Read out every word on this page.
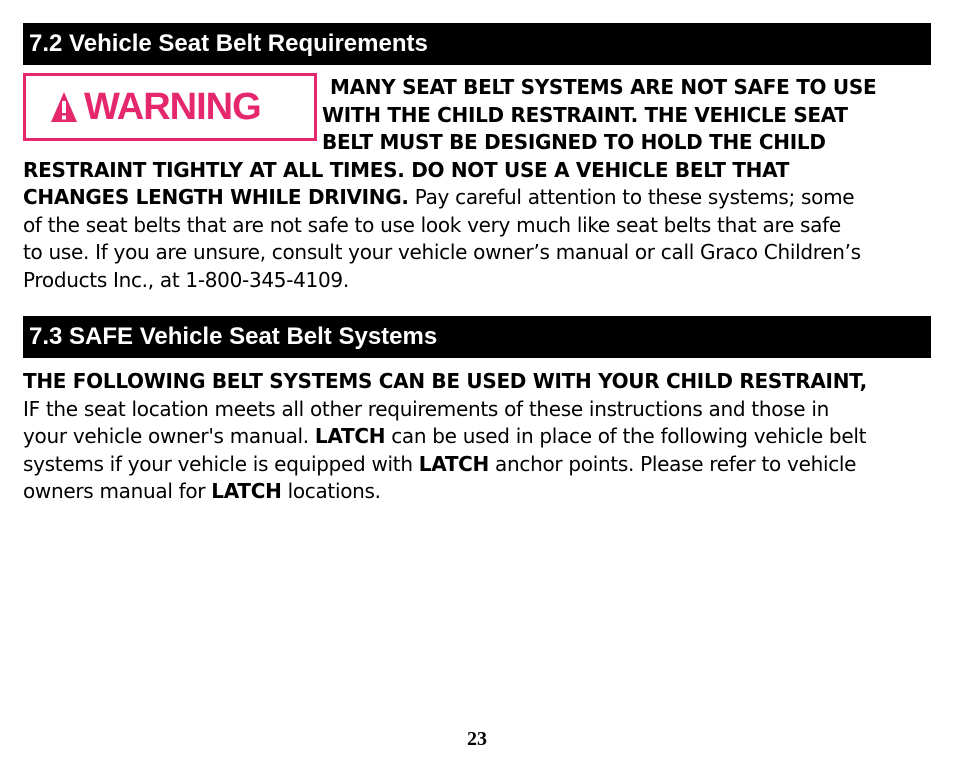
7.2 Vehicle Seat Belt Requirements
WARNING	MANY SEAT BELT SYSTEMS ARE NOT SAFE TO USE
WITH THE CHILD RESTRAINT. THE VEHICLE SEAT
BELT MUST BE DESIGNED TO HOLD THE CHILD
RESTRAINT TIGHTLY AT ALL TIMES. DO NOT USE A VEHICLE BELT THAT
CHANGES LENGTH WHILE DRIVING. Pay careful attention to these systems; some
of the seat belts that are not safe to use look very much like seat belts that are safe
to use. If you are unsure, consult your vehicle owner’s manual or call Graco Children’s
Products Inc., at 1-800-345-4109.
7.3 SAFE Vehicle Seat Belt Systems
THE FOLLOWING BELT SYSTEMS CAN BE USED WITH YOUR CHILD RESTRAINT,
IF the seat location meets all other requirements of these instructions and those in
your vehicle owner's manual. LATCH can be used in place of the following vehicle belt
systems if your vehicle is equipped with LATCH anchor points. Please refer to vehicle
owners manual for LATCH locations.
23
